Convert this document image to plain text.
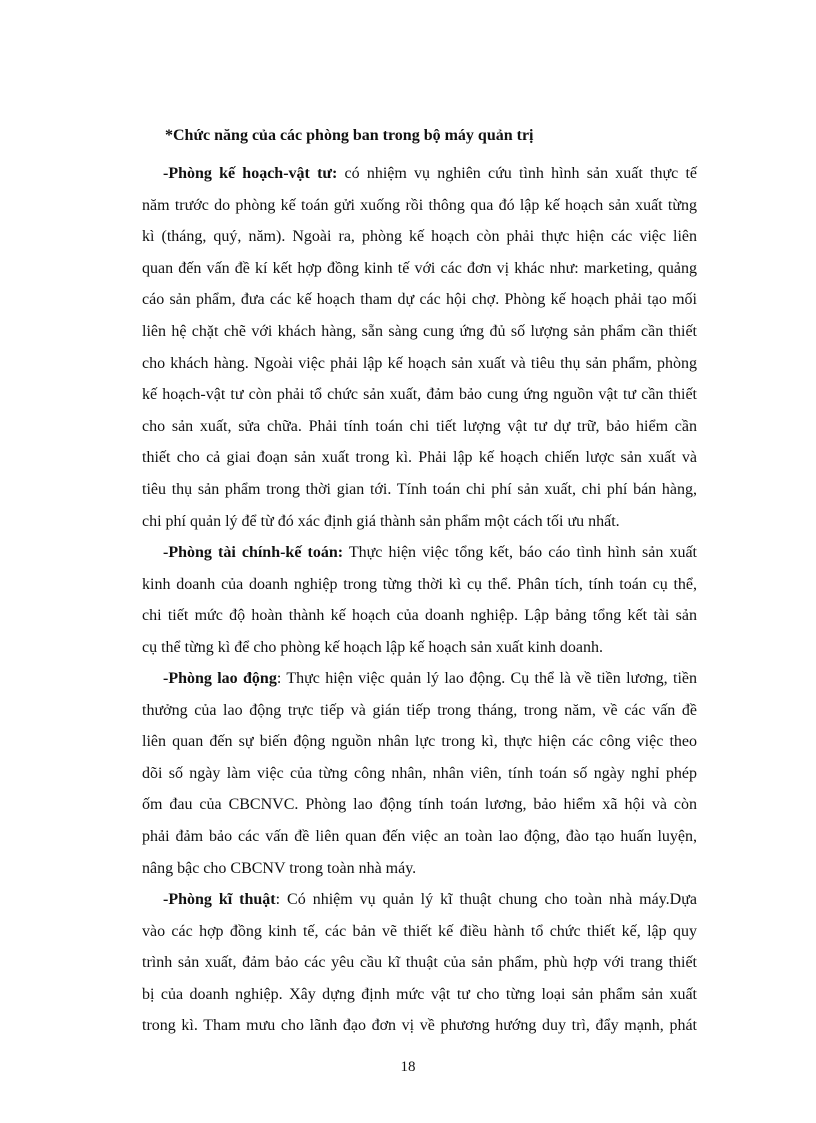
*Chức năng của các phòng ban trong bộ máy quản trị
-Phòng kế hoạch-vật tư: có nhiệm vụ nghiên cứu tình hình sản xuất thực tế
năm trước do phòng kế toán gửi xuống rồi thông qua đó lập kế hoạch sản xuất từng
kì (tháng, quý, năm). Ngoài ra, phòng kế hoạch còn phải thực hiện các việc liên
quan đến vấn đề kí kết hợp đồng kinh tế với các đơn vị khác như: marketing, quảng
cáo sản phẩm, đưa các kế hoạch tham dự các hội chợ. Phòng kế hoạch phải tạo mối
liên hệ chặt chẽ với khách hàng, sẵn sàng cung ứng đủ số lượng sản phẩm cần thiết
cho khách hàng. Ngoài việc phải lập kế hoạch sản xuất và tiêu thụ sản phẩm, phòng
kế hoạch-vật tư còn phải tổ chức sản xuất, đảm bảo cung ứng nguồn vật tư cần thiết
cho sản xuất, sửa chữa. Phải tính toán chi tiết lượng vật tư dự trữ, bảo hiểm cần
thiết cho cả giai đoạn sản xuất trong kì. Phải lập kế hoạch chiến lược sản xuất và
tiêu thụ sản phẩm trong thời gian tới. Tính toán chi phí sản xuất, chi phí bán hàng,
chi phí quản lý để từ đó xác định giá thành sản phẩm một cách tối ưu nhất.
-Phòng tài chính-kế toán: Thực hiện việc tổng kết, báo cáo tình hình sản xuất
kinh doanh của doanh nghiệp trong từng thời kì cụ thể. Phân tích, tính toán cụ thể,
chi tiết mức độ hoàn thành kế hoạch của doanh nghiệp. Lập bảng tổng kết tài sản
cụ thể từng kì để cho phòng kế hoạch lập kế hoạch sản xuất kinh doanh.
-Phòng lao động: Thực hiện việc quản lý lao động. Cụ thể là về tiền lương, tiền
thưởng của lao động trực tiếp và gián tiếp trong tháng, trong năm, về các vấn đề
liên quan đến sự biến động nguồn nhân lực trong kì, thực hiện các công việc theo
dõi số ngày làm việc của từng công nhân, nhân viên, tính toán số ngày nghỉ phép
ốm đau của CBCNVC. Phòng lao động tính toán lương, bảo hiểm xã hội và còn
phải đảm bảo các vấn đề liên quan đến việc an toàn lao động, đào tạo huấn luyện,
nâng bậc cho CBCNV trong toàn nhà máy.
-Phòng kĩ thuật: Có nhiệm vụ quản lý kĩ thuật chung cho toàn nhà máy.Dựa
vào các hợp đồng kinh tế, các bản vẽ thiết kế điều hành tổ chức thiết kế, lập quy
trình sản xuất, đảm bảo các yêu cầu kĩ thuật của sản phẩm, phù hợp với trang thiết
bị của doanh nghiệp. Xây dựng định mức vật tư cho từng loại sản phẩm sản xuất
trong kì. Tham mưu cho lãnh đạo đơn vị về phương hướng duy trì, đẩy mạnh, phát
18
